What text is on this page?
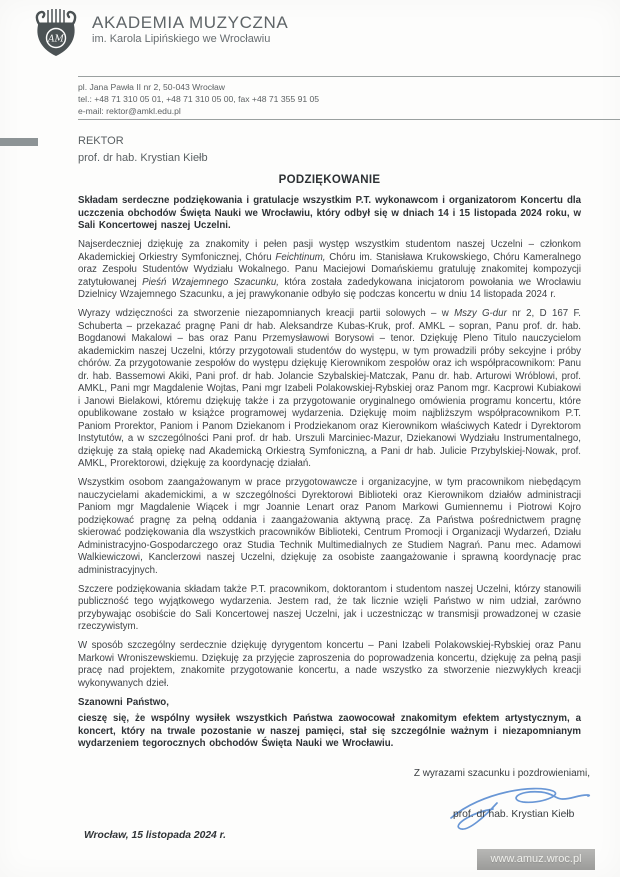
AM
AKADEMIA MUZYCZNA
im. Karola Lipińskiego we Wrocławiu
pl. Jana Pawła II nr 2, 50-043 Wrocław
tel.: +48 71 310 05 01, +48 71 310 05 00, fax +48 71 355 91 05
e-mail: rektor@amkl.edu.pl
REKTOR
prof. dr hab. Krystian Kiełb
PODZIĘKOWANIE

Składam serdeczne podziękowania i gratulacje wszystkim P.T. wykonawcom i organizatorom Koncertu dla uczczenia obchodów Święta Nauki we Wrocławiu, który odbył się w dniach 14 i 15 listopada 2024 roku, w Sali Koncertowej naszej Uczelni.

Najserdeczniej dziękuję za znakomity i pełen pasji występ wszystkim studentom naszej Uczelni – członkom Akademickiej Orkiestry Symfonicznej, Chóru Feichtinum, Chóru im. Stanisława Krukowskiego, Chóru Kameralnego oraz Zespołu Studentów Wydziału Wokalnego. Panu Maciejowi Domańskiemu gratuluję znakomitej kompozycji zatytułowanej Pieśń Wzajemnego Szacunku, która została zadedykowana inicjatorom powołania we Wrocławiu Dzielnicy Wzajemnego Szacunku, a jej prawykonanie odbyło się podczas koncertu w dniu 14 listopada 2024 r.

Wyrazy wdzięczności za stworzenie niezapomnianych kreacji partii solowych – w Mszy G-dur nr 2, D 167 F. Schuberta – przekazać pragnę Pani dr hab. Aleksandrze Kubas-Kruk, prof. AMKL – sopran, Panu prof. dr. hab. Bogdanowi Makalowi – bas oraz Panu Przemysławowi Borysowi – tenor. Dziękuję Pleno Titulo nauczycielom akademickim naszej Uczelni, którzy przygotowali studentów do występu, w tym prowadzili próby sekcyjne i próby chórów. Za przygotowanie zespołów do występu dziękuję Kierownikom zespołów oraz ich współpracownikom: Panu dr. hab. Bassemowi Akiki, Pani prof. dr hab. Jolancie Szybalskiej-Matczak, Panu dr. hab. Arturowi Wróblowi, prof. AMKL, Pani mgr Magdalenie Wojtas, Pani mgr Izabeli Polakowskiej-Rybskiej oraz Panom mgr. Kacprowi Kubiakowi i Janowi Bielakowi, któremu dziękuję także i za przygotowanie oryginalnego omówienia programu koncertu, które opublikowane zostało w książce programowej wydarzenia. Dziękuję moim najbliższym współpracownikom P.T. Paniom Prorektor, Paniom i Panom Dziekanom i Prodziekanom oraz Kierownikom właściwych Katedr i Dyrektorom Instytutów, a w szczególności Pani prof. dr hab. Urszuli Marciniec-Mazur, Dziekanowi Wydziału Instrumentalnego, dziękuję za stałą opiekę nad Akademicką Orkiestrą Symfoniczną, a Pani dr hab. Julicie Przybylskiej-Nowak, prof. AMKL, Prorektorowi, dziękuję za koordynację działań.

Wszystkim osobom zaangażowanym w prace przygotowawcze i organizacyjne, w tym pracownikom niebędącym nauczycielami akademickimi, a w szczególności Dyrektorowi Biblioteki oraz Kierownikom działów administracji Paniom mgr Magdalenie Wiącek i mgr Joannie Lenart oraz Panom Markowi Gumiennemu i Piotrowi Kojro podziękować pragnę za pełną oddania i zaangażowania aktywną pracę. Za Państwa pośrednictwem pragnę skierować podziękowania dla wszystkich pracowników Biblioteki, Centrum Promocji i Organizacji Wydarzeń, Działu Administracyjno-Gospodarczego oraz Studia Technik Multimedialnych ze Studiem Nagrań. Panu mec. Adamowi Walkiewiczowi, Kanclerzowi naszej Uczelni, dziękuję za osobiste zaangażowanie i sprawną koordynację prac administracyjnych.

Szczere podziękowania składam także P.T. pracownikom, doktorantom i studentom naszej Uczelni, którzy stanowili publiczność tego wyjątkowego wydarzenia. Jestem rad, że tak licznie wzięli Państwo w nim udział, zarówno przybywając osobiście do Sali Koncertowej naszej Uczelni, jak i uczestnicząc w transmisji prowadzonej w czasie rzeczywistym.

W sposób szczególny serdecznie dziękuję dyrygentom koncertu – Pani Izabeli Polakowskiej-Rybskiej oraz Panu Markowi Wroniszewskiemu. Dziękuję za przyjęcie zaproszenia do poprowadzenia koncertu, dziękuję za pełną pasji pracę nad projektem, znakomite przygotowanie koncertu, a nade wszystko za stworzenie niezwykłych kreacji wykonywanych dzieł.

Szanowni Państwo,

cieszę się, że wspólny wysiłek wszystkich Państwa zaowocował znakomitym efektem artystycznym, a koncert, który na trwale pozostanie w naszej pamięci, stał się szczególnie ważnym i niezapomnianym wydarzeniem tegorocznych obchodów Święta Nauki we Wrocławiu.

Z wyrazami szacunku i pozdrowieniami,
prof. dr hab. Krystian Kiełb
Wrocław, 15 listopada 2024 r.
www.amuz.wroc.pl
